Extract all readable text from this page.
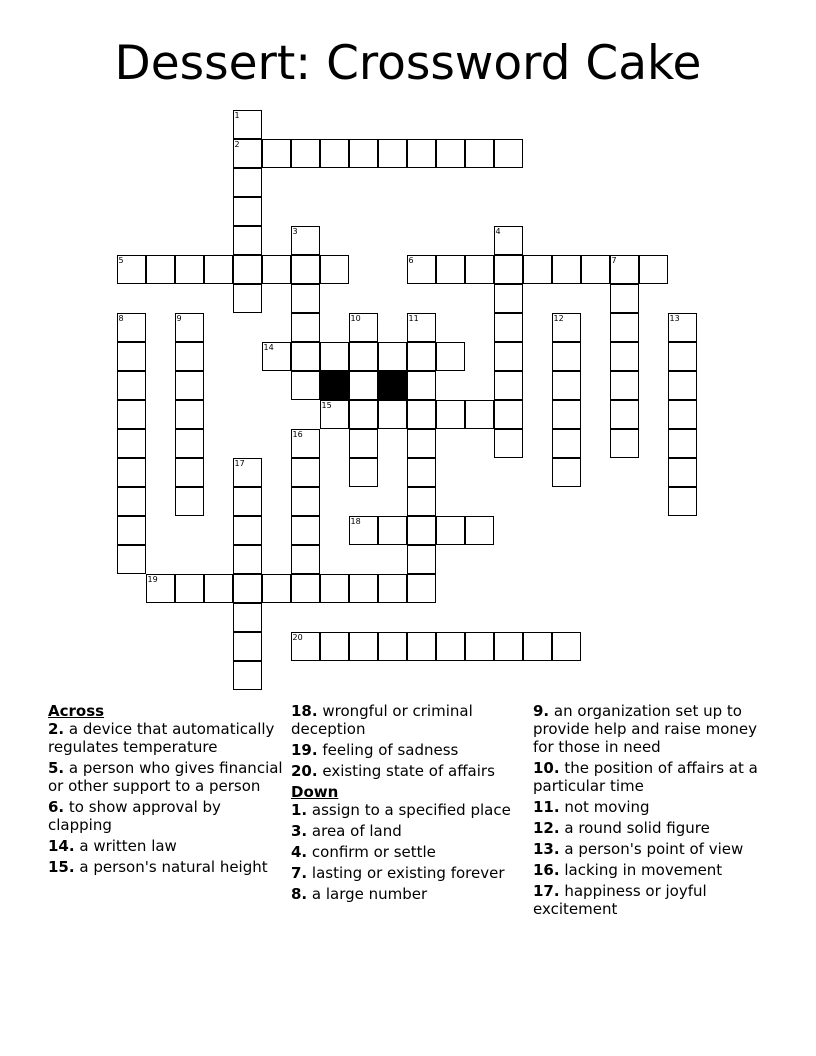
Dessert: Crossword Cake
2
5	6	7
14
15
18
19
20
1
3	4
8	9	10	11	12	13
16
17
Across
2. a device that automatically regulates temperature
5. a person who gives financial or other support to a person
6. to show approval by clapping
14. a written law
15. a person's natural height
18. wrongful or criminal deception
19. feeling of sadness
20. existing state of affairs
Down
1. assign to a specified place
3. area of land
4. confirm or settle
7. lasting or existing forever
8. a large number
9. an organization set up to provide help and raise money for those in need
10. the position of affairs at a particular time
11. not moving
12. a round solid figure
13. a person's point of view
16. lacking in movement
17. happiness or joyful excitement
